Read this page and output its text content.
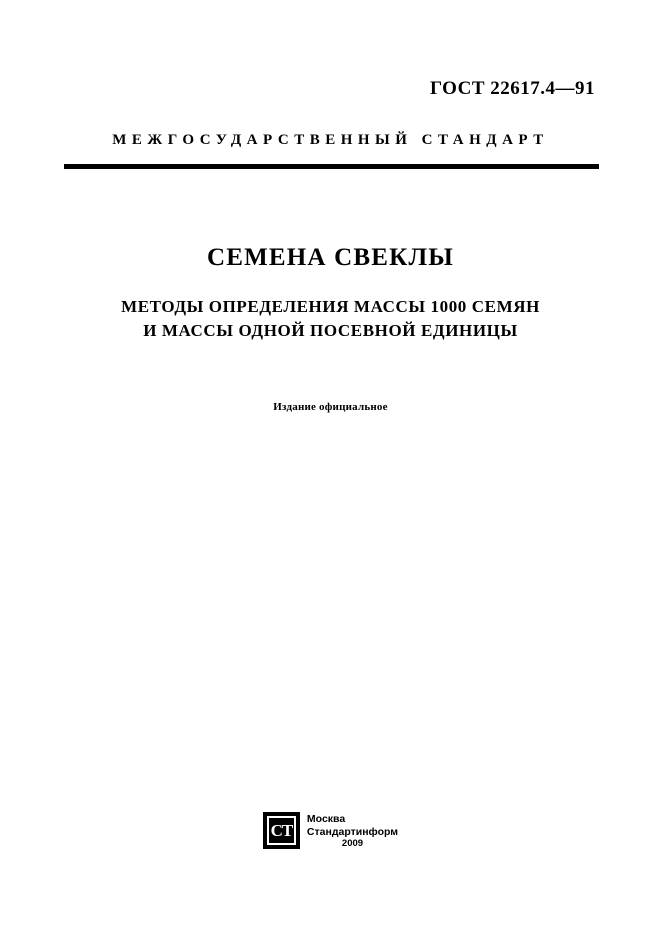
ГОСТ 22617.4—91
МЕЖГОСУДАРСТВЕННЫЙ СТАНДАРТ
СЕМЕНА СВЕКЛЫ
МЕТОДЫ ОПРЕДЕЛЕНИЯ МАССЫ 1000 СЕМЯН
И МАССЫ ОДНОЙ ПОСЕВНОЙ ЕДИНИЦЫ
Издание официальное
СТ
Москва
Стандартинформ
2009
